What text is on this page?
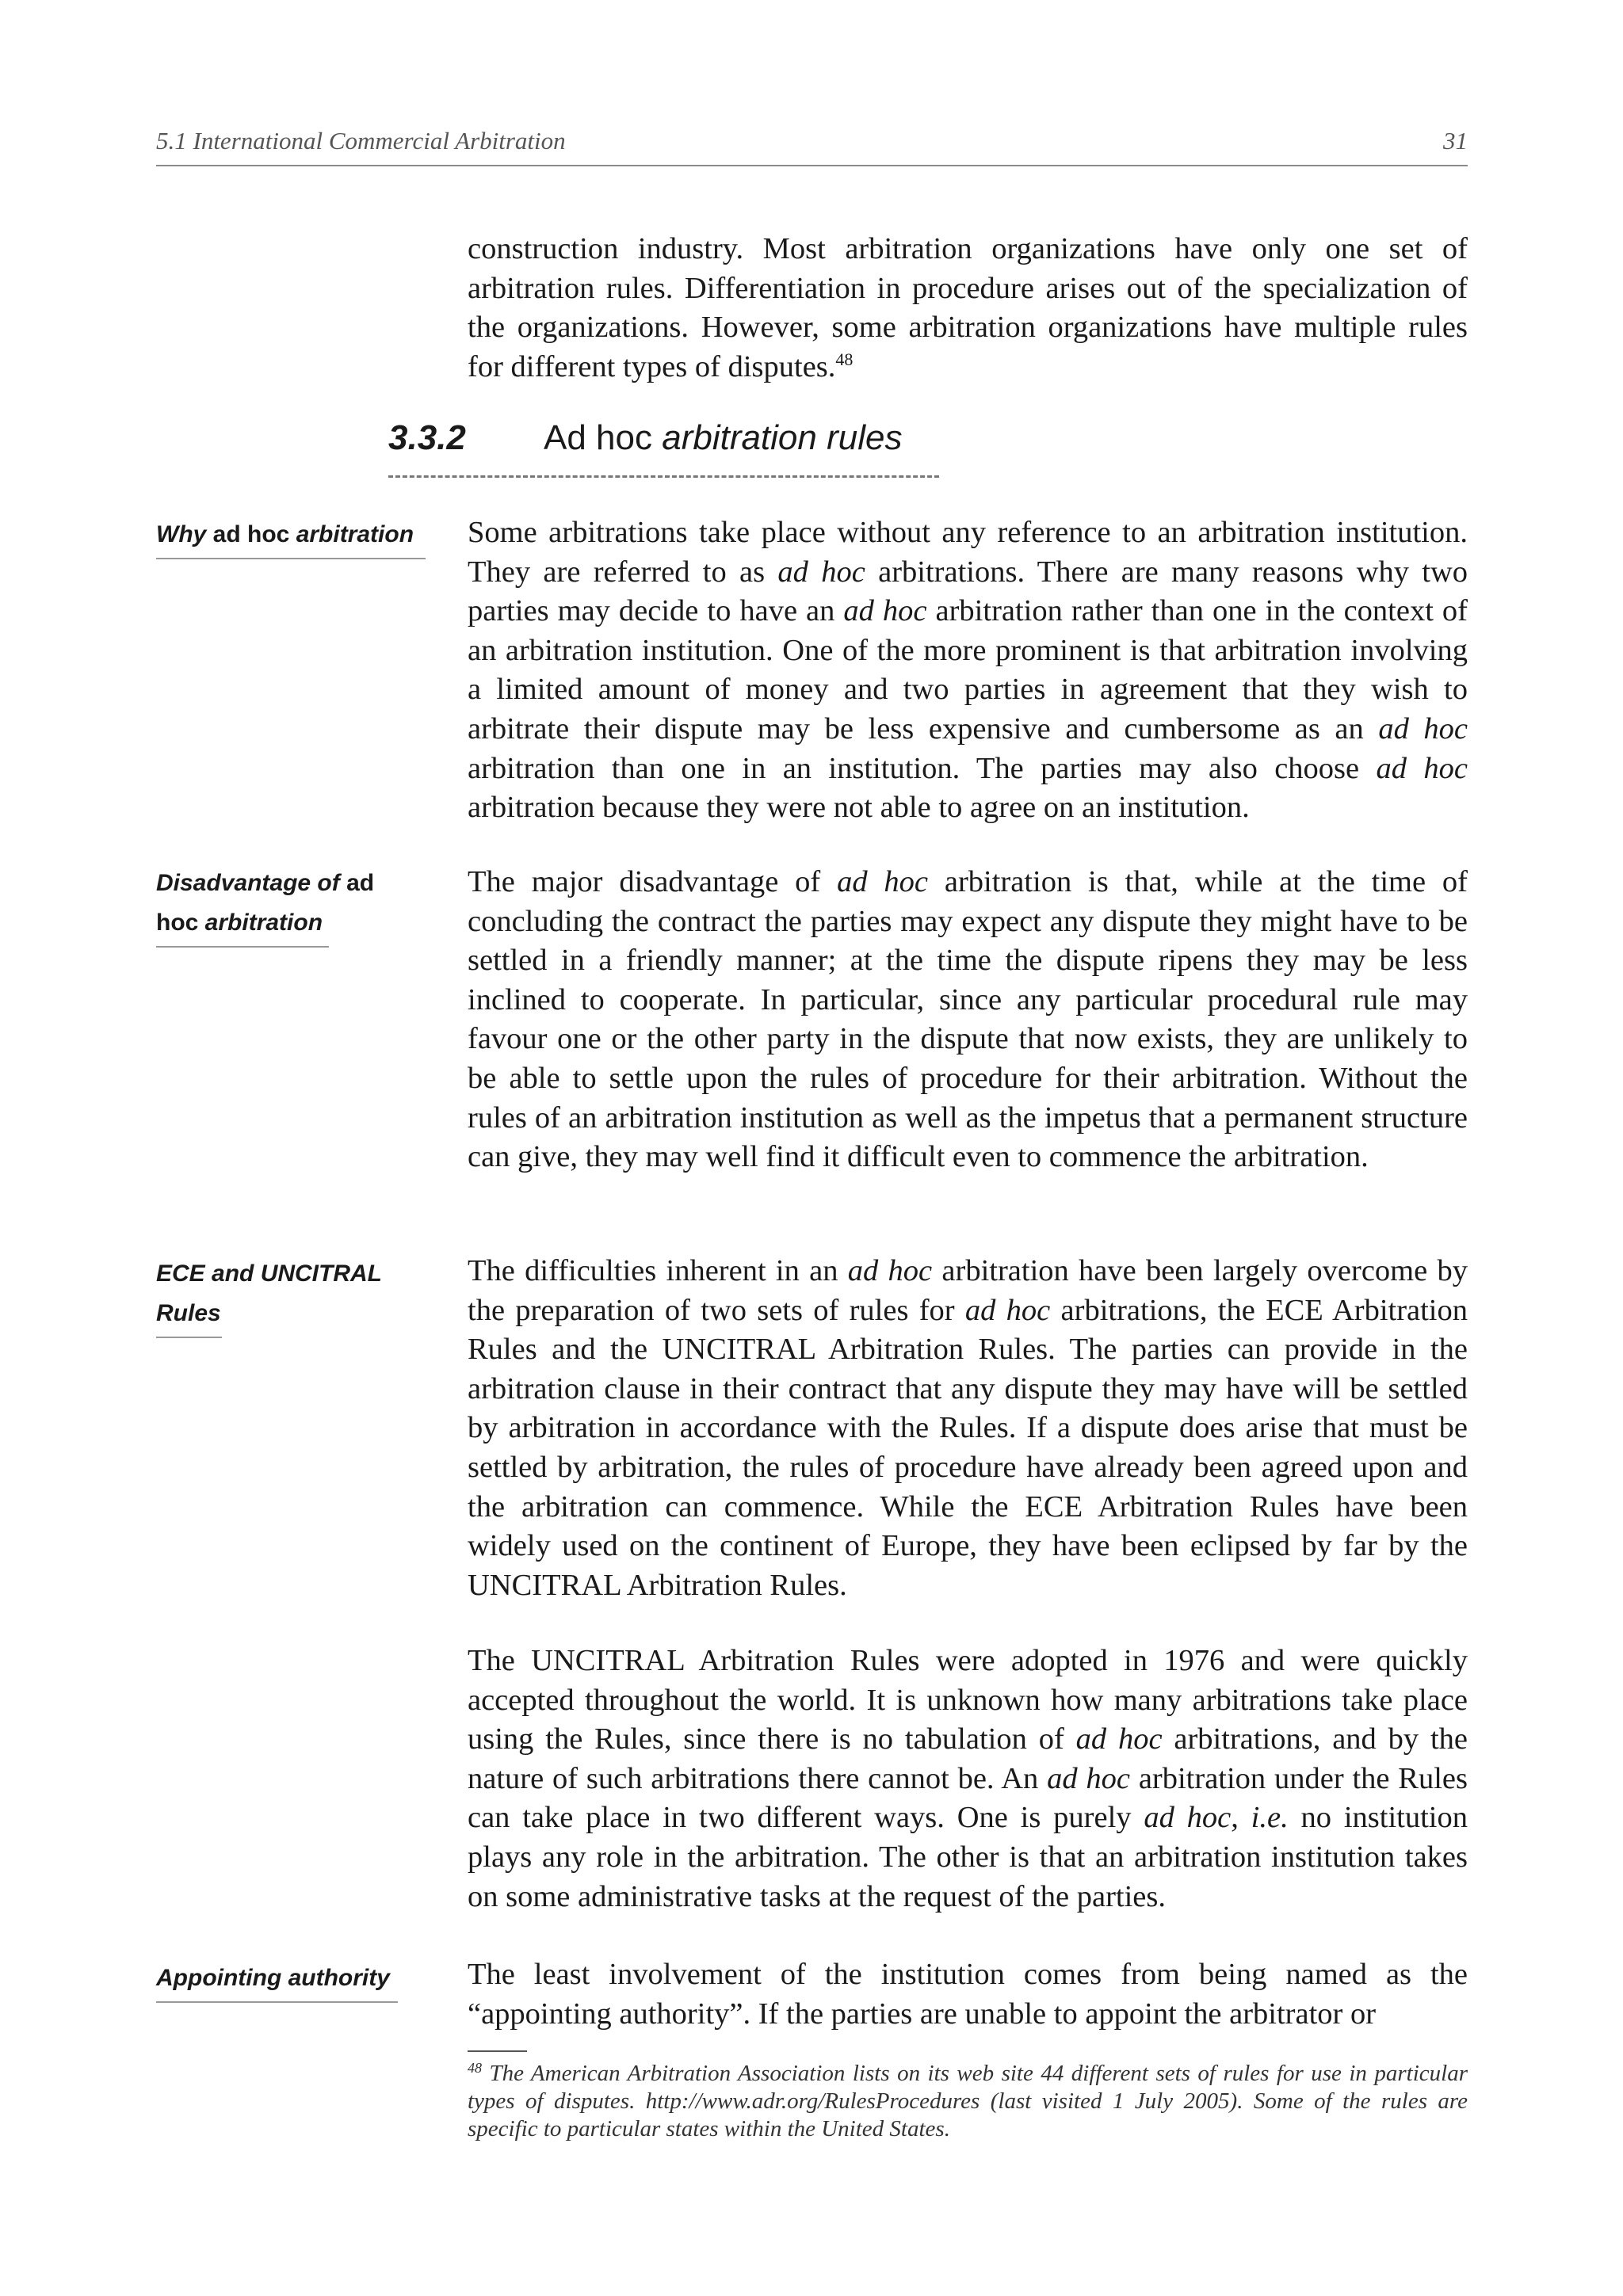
5.1 International Commercial Arbitration	31

construction industry. Most arbitration organizations have only one set of arbitration rules. Differentiation in procedure arises out of the specialization of the organizations. However, some arbitration organizations have multiple rules for different types of disputes.$^{48}$

3.3.2 Ad hoc arbitration rules
Why ad hoc arbitration
Disadvantage of ad
hoc arbitration
ECE and UNCITRAL
Rules
Appointing authority

Some arbitrations take place without any reference to an arbitration institution. They are referred to as ad hoc arbitrations. There are many reasons why two parties may decide to have an ad hoc arbitration rather than one in the context of an arbitration institution. One of the more prominent is that arbitration involving a limited amount of money and two parties in agreement that they wish to arbitrate their dispute may be less expensive and cumbersome as an ad hoc arbitration than one in an institution. The parties may also choose ad hoc arbitration because they were not able to agree on an institution.

The major disadvantage of ad hoc arbitration is that, while at the time of concluding the contract the parties may expect any dispute they might have to be settled in a friendly manner; at the time the dispute ripens they may be less inclined to cooperate. In particular, since any particular procedural rule may favour one or the other party in the dispute that now exists, they are unlikely to be able to settle upon the rules of procedure for their arbitration. Without the rules of an arbitration institution as well as the impetus that a permanent structure can give, they may well find it difficult even to commence the arbitration.

The difficulties inherent in an ad hoc arbitration have been largely overcome by the preparation of two sets of rules for ad hoc arbitrations, the ECE Arbitration Rules and the UNCITRAL Arbitration Rules. The parties can provide in the arbitration clause in their contract that any dispute they may have will be settled by arbitration in accordance with the Rules. If a dispute does arise that must be settled by arbitration, the rules of procedure have already been agreed upon and the arbitration can commence. While the ECE Arbitration Rules have been widely used on the continent of Europe, they have been eclipsed by far by the UNCITRAL Arbitration Rules.

The UNCITRAL Arbitration Rules were adopted in 1976 and were quickly accepted throughout the world. It is unknown how many arbitrations take place using the Rules, since there is no tabulation of ad hoc arbitrations, and by the nature of such arbitrations there cannot be. An ad hoc arbitration under the Rules can take place in two different ways. One is purely ad hoc, i.e. no institution plays any role in the arbitration. The other is that an arbitration institution takes on some administrative tasks at the request of the parties.

The least involvement of the institution comes from being named as the “appointing authority”. If the parties are unable to appoint the arbitrator or

$^{48}$ The American Arbitration Association lists on its web site 44 different sets of rules for use in particular types of disputes. http://www.adr.org/RulesProcedures (last visited 1 July 2005). Some of the rules are specific to particular states within the United States.
